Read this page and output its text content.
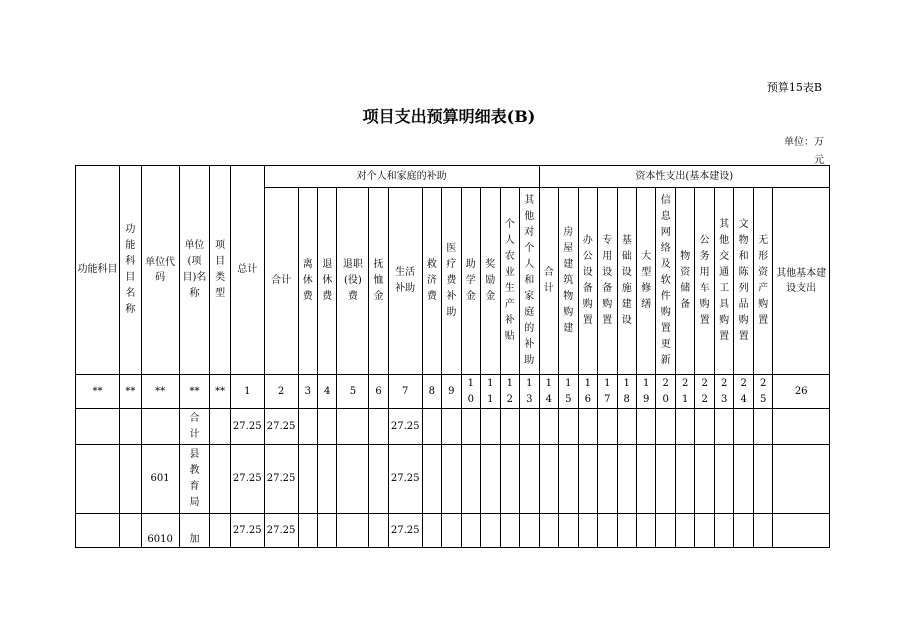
预算15表B
项目支出预算明细表(B)
单位：万
元
功能科目	功能科目名称	单位代码	单位(项目)名称	项目类型	总计	对个人和家庭的补助												资本性支出(基本建设)												
						合计	离休费	退休费	退职(役)费	抚恤金	生活补助	救济费	医疗费补助	助学金	奖励金	个人农业生产补贴	其他对个人和家庭的补助	合计	房屋建筑物购建	办公设备购置	专用设备购置	基础设施建设	大型修缮	信息网络及软件购置更新	物资储备	公务用车购置	其他交通工具购置	文物和陈列品购置	无形资产购置	其他基本建设支出
**	**	**	**	**	1	2	3	4	5	6	7	8	9	10	11	12	13	14	15	16	17	18	19	20	21	22	23	24	25	26
			合计		27.25	27.25					27.25																			
		601	县教育局		27.25	27.25					27.25																			
		6010	加		27.25	27.25					27.25																			
